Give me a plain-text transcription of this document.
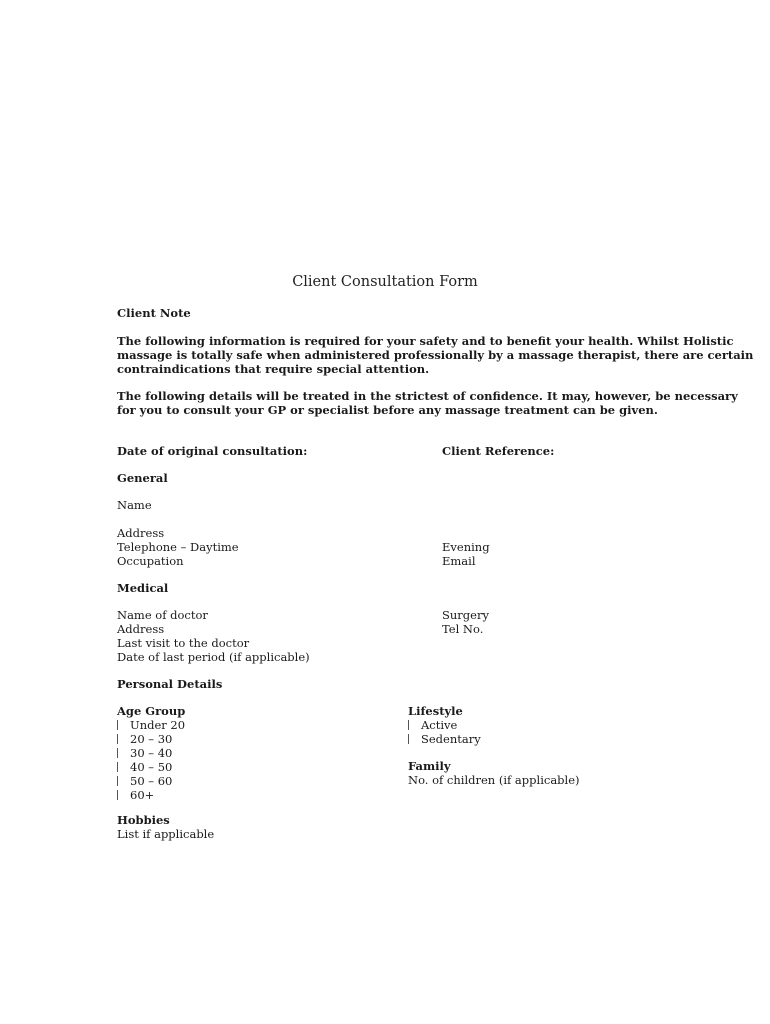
Client Consultation Form
Client Note
The following information is required for your safety and to benefit your health. Whilst Holistic
massage is totally safe when administered professionally by a massage therapist, there are certain
contraindications that require special attention.
The following details will be treated in the strictest of confidence. It may, however, be necessary
for you to consult your GP or specialist before any massage treatment can be given.
Date of original consultation:	Client Reference:
General
Name
Address
Telephone – Daytime
Occupation
Evening
Email
Medical
Name of doctor
Address
Last visit to the doctor
Date of last period (if applicable)
Surgery
Tel No.
Personal Details
Age Group
Under 20
20 – 30
30 – 40
40 – 50
50 – 60
60+
Lifestyle
Active
Sedentary
Family
No. of children (if applicable)
Hobbies
List if applicable
